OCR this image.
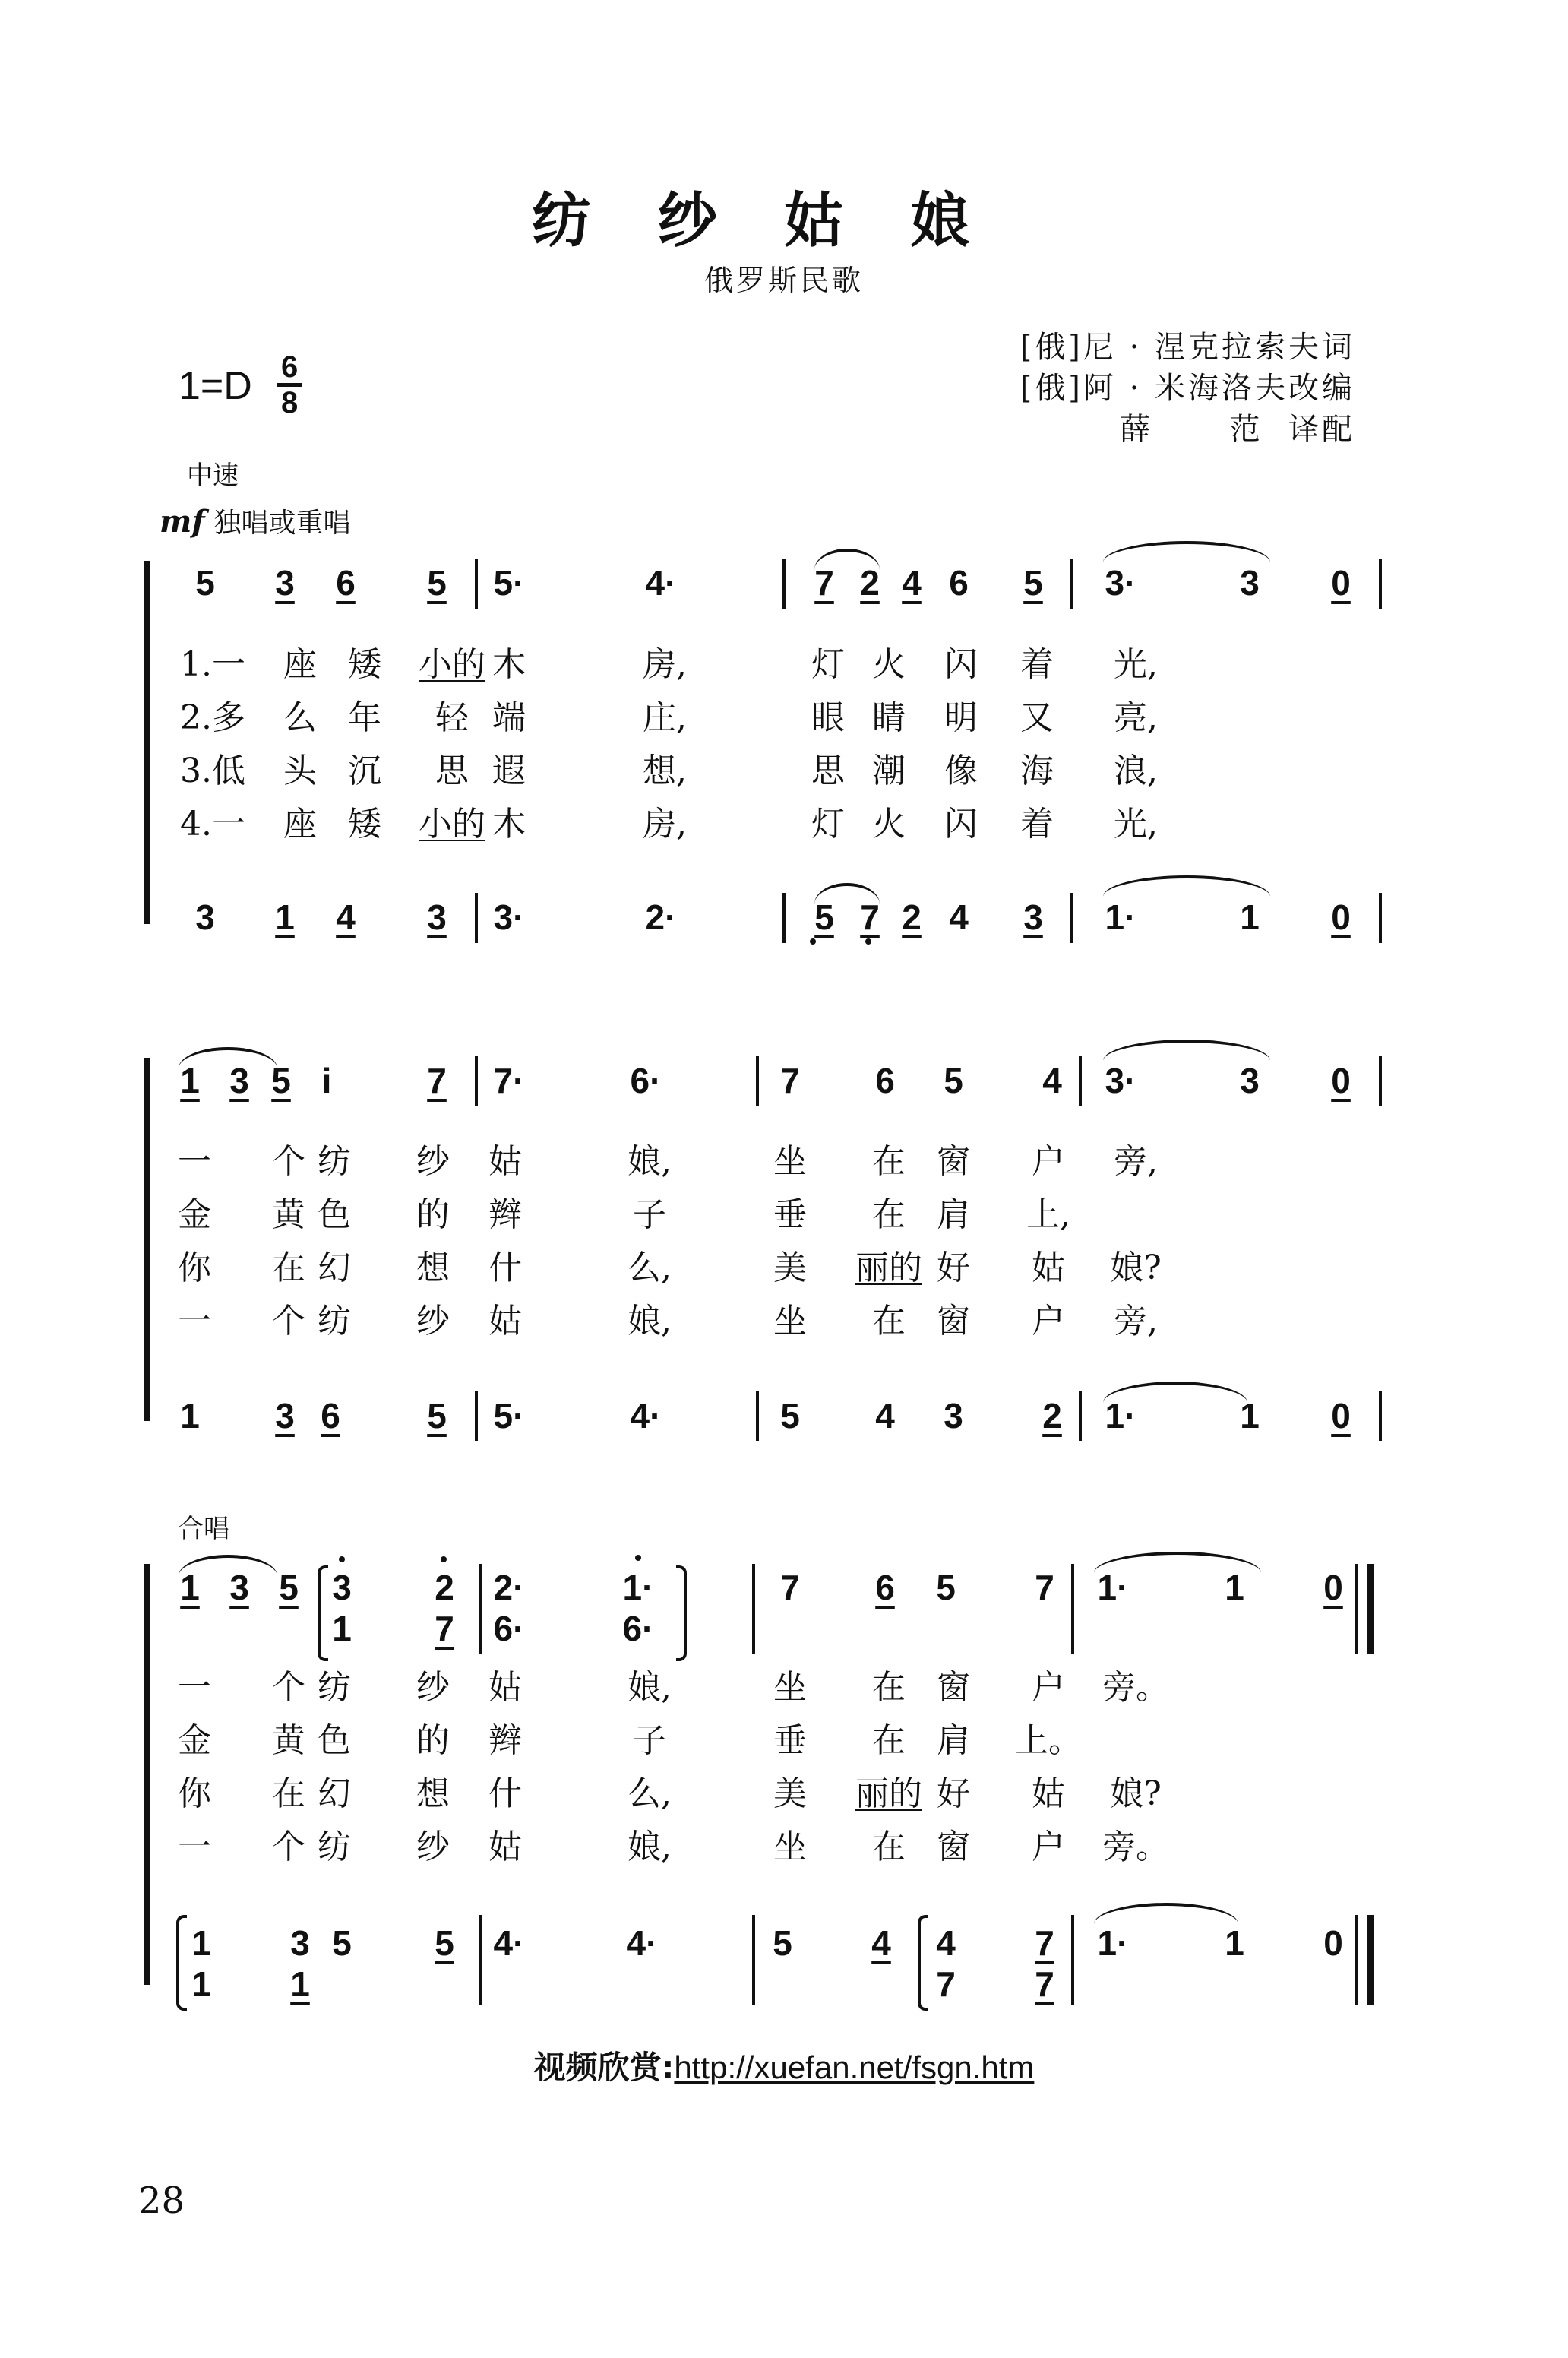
纺纱姑娘
俄罗斯民歌
[俄]尼 · 涅克拉索夫词
[俄]阿 · 米海洛夫改编
薛      范  译配
$1=D \frac{6}{8}$
中速
mf 独唱或重唱
合唱
5 3 6 5 5·	4·	7 2 4 6 5 3·	3 0
1.一 座 矮 小的 木	房,	灯 火 闪 着 光,
2.多 么 年 轻 端	庄,	眼 睛 明 又 亮,
3.低 头 沉 思 遐	想,	思 潮 像 海 浪,
4.一 座 矮 小的 木	房,	灯 火 闪 着 光,
3 1 4 3 3·	2·	5 7 2 4 3 1·	1 0
1 3 5 i	7 7·	6·	7 6 5 4 3·	3 0
一 个 纺 纱 姑	娘,	坐 在 窗 户 旁,
金 黄 色 的 辫	子	垂 在 肩 上,
你 在 幻 想 什	么,	美 丽的 好 姑 娘?
一 个 纺 纱 姑	娘,	坐 在 窗 户 旁,
1 3 6 5 5·	4·	5 4 3 2 1·	1 0
1 3 5 3 2 2·	1·	7 6 5 7 1·	1 0
1 7 6·	6·
一 个 纺 纱 姑	娘,	坐 在 窗 户 旁。
金 黄 色 的 辫	子	垂 在 肩 上。
你 在 幻 想 什	么,	美 丽的 好 姑 娘?
一 个 纺 纱 姑	娘,	坐 在 窗 户 旁。
1 3 5 5 4·	4·	5 4 4 7 1·	1 0
1 1	7 7
视频欣赏:http://xuefan.net/fsgn.htm
28
